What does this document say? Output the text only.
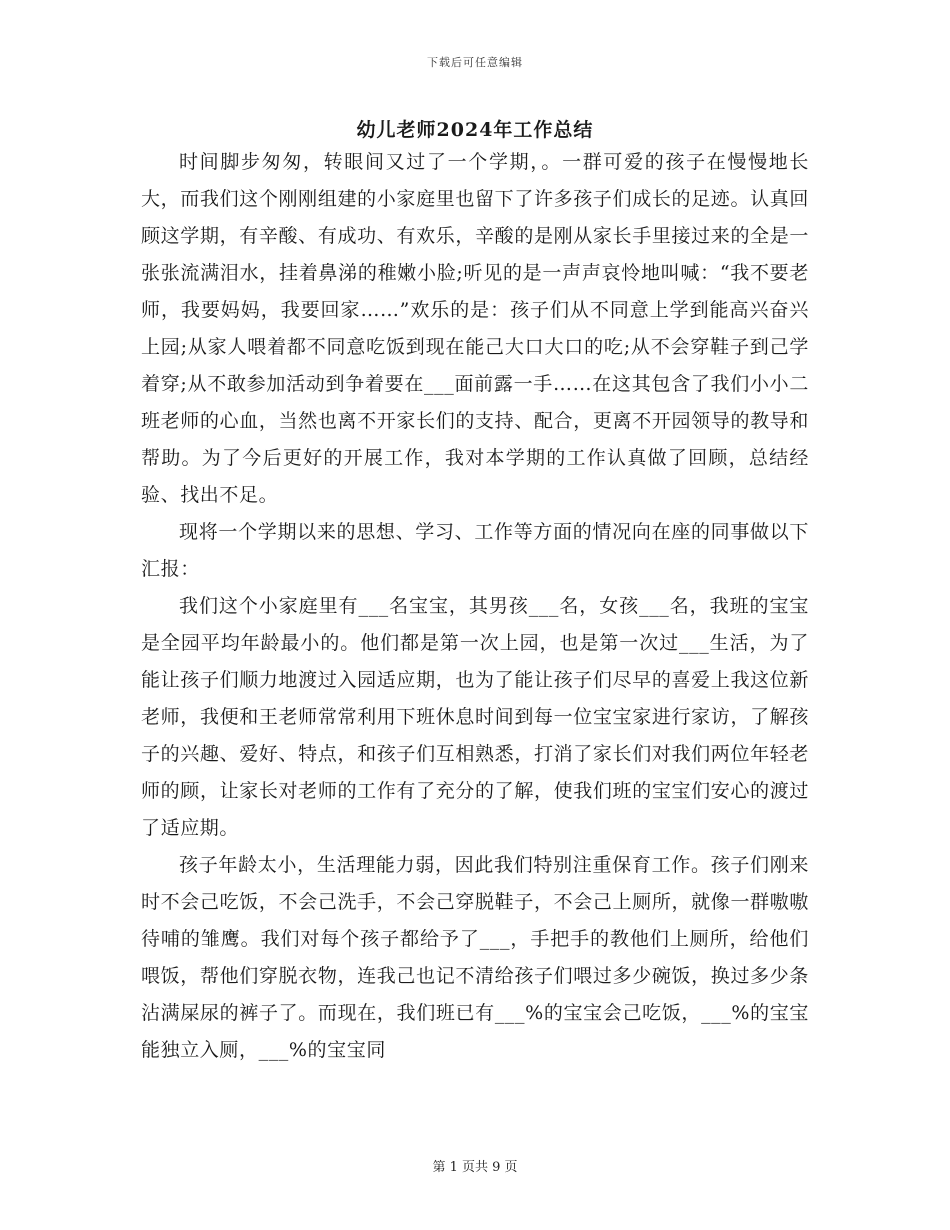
下载后可任意编辑
幼儿老师2024年工作总结

时间脚步匆匆，转眼间又过了一个学期，。一群可爱的孩子在慢慢地长大，而我们这个刚刚组建的小家庭里也留下了许多孩子们成长的足迹。认真回顾这学期，有辛酸、有成功、有欢乐，辛酸的是刚从家长手里接过来的全是一张张流满泪水，挂着鼻涕的稚嫩小脸;听见的是一声声哀怜地叫喊：“我不要老师，我要妈妈，我要回家……”欢乐的是：孩子们从不同意上学到能高兴奋兴上园;从家人喂着都不同意吃饭到现在能己大口大口的吃;从不会穿鞋子到己学着穿;从不敢参加活动到争着要在___面前露一手……在这其包含了我们小小二班老师的心血，当然也离不开家长们的支持、配合，更离不开园领导的教导和帮助。为了今后更好的开展工作，我对本学期的工作认真做了回顾，总结经验、找出不足。

现将一个学期以来的思想、学习、工作等方面的情况向在座的同事做以下汇报：

我们这个小家庭里有___名宝宝，其男孩___名，女孩___名，我班的宝宝是全园平均年龄最小的。他们都是第一次上园，也是第一次过___生活，为了能让孩子们顺力地渡过入园适应期，也为了能让孩子们尽早的喜爱上我这位新老师，我便和王老师常常利用下班休息时间到每一位宝宝家进行家访，了解孩子的兴趣、爱好、特点，和孩子们互相熟悉，打消了家长们对我们两位年轻老师的顾，让家长对老师的工作有了充分的了解，使我们班的宝宝们安心的渡过了适应期。

孩子年龄太小，生活理能力弱，因此我们特别注重保育工作。孩子们刚来时不会己吃饭，不会己洗手，不会己穿脱鞋子，不会己上厕所，就像一群嗷嗷待哺的雏鹰。我们对每个孩子都给予了___，手把手的教他们上厕所，给他们喂饭，帮他们穿脱衣物，连我己也记不清给孩子们喂过多少碗饭，换过多少条沾满屎尿的裤子了。而现在，我们班已有___%的宝宝会己吃饭，___%的宝宝能独立入厕，___%的宝宝同

第 1 页共 9 页
